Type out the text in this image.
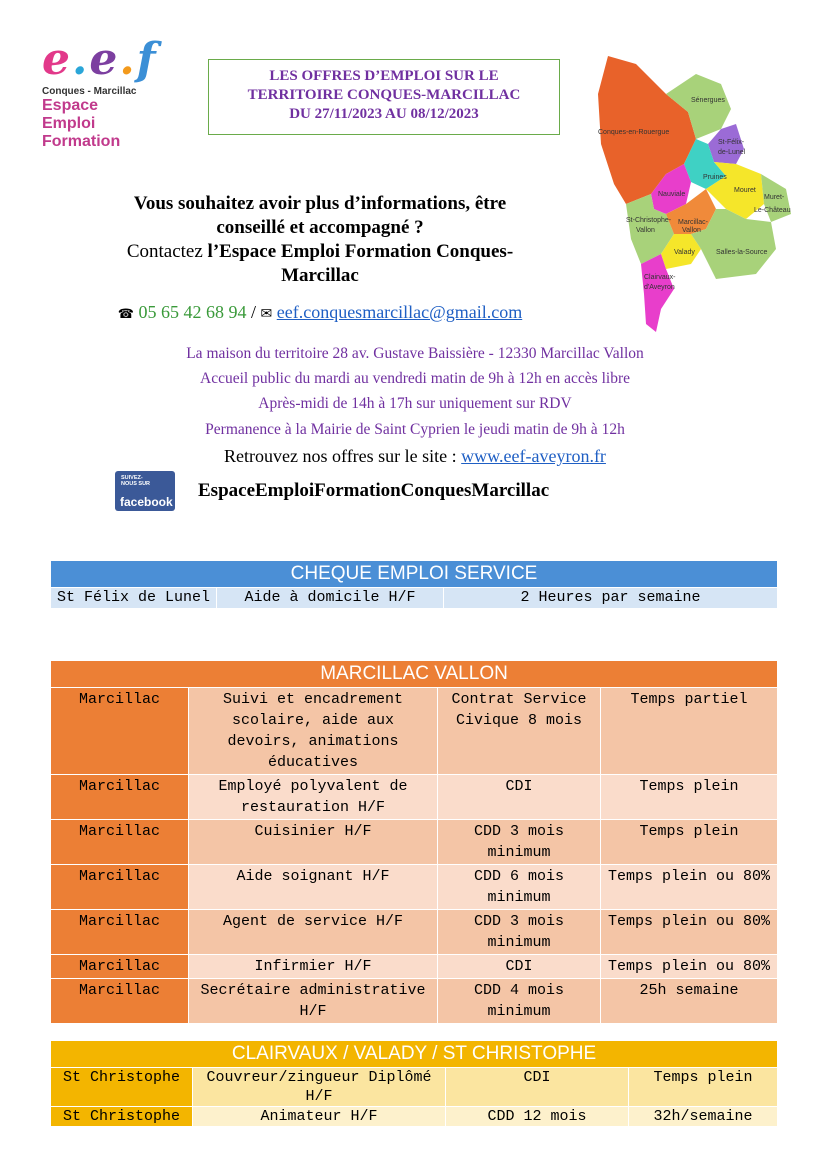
e.e.f
Conques - Marcillac
Espace
Emploi
Formation
LES OFFRES D’EMPLOI SUR LE
TERRITOIRE CONQUES-MARCILLAC
DU 27/11/2023 AU 08/12/2023
Sénergues
Conques-en-Rouergue
St-Félix-
de-Lunel
Pruines
Nauviale
Mouret
Muret-
Le-Château
St-Christophe-
Vallon
Marcillac-
Vallon
Valady	Salles-la-Source
Clairvaux-
d'Aveyron
Vous souhaitez avoir plus d’informations, être
conseillé et accompagné ?
Contactez l’Espace Emploi Formation Conques-
Marcillac
☎ 05 65 42 68 94 / ✉ eef.conquesmarcillac@gmail.com
La maison du territoire 28 av. Gustave Baissière - 12330 Marcillac Vallon
Accueil public du mardi au vendredi matin de 9h à 12h en accès libre
Après-midi de 14h à 17h sur uniquement sur RDV
Permanence à la Mairie de Saint Cyprien le jeudi matin de 9h à 12h
Retrouvez nos offres sur le site : www.eef-aveyron.fr
SUIVEZ-NOUS SUR
facebook
EspaceEmploiFormationConquesMarcillac
CHEQUE EMPLOI SERVICE
St Félix de Lunel	Aide à domicile H/F	2 Heures par semaine
MARCILLAC VALLON			
Marcillac	Suivi et encadrement scolaire, aide aux devoirs, animations éducatives	Contrat Service Civique 8 mois	Temps partiel
Marcillac	Employé polyvalent de restauration H/F	CDI	Temps plein
Marcillac	Cuisinier H/F	CDD 3 mois minimum	Temps plein
Marcillac	Aide soignant H/F	CDD 6 mois minimum	Temps plein ou 80%
Marcillac	Agent de service H/F	CDD 3 mois minimum	Temps plein ou 80%
Marcillac	Infirmier H/F	CDI	Temps plein ou 80%
Marcillac	Secrétaire administrative H/F	CDD 4 mois minimum	25h semaine
CLAIRVAUX / VALADY / ST CHRISTOPHE			
St Christophe	Couvreur/zingueur Diplômé H/F	CDI	Temps plein
St Christophe	Animateur H/F	CDD 12 mois	32h/semaine
